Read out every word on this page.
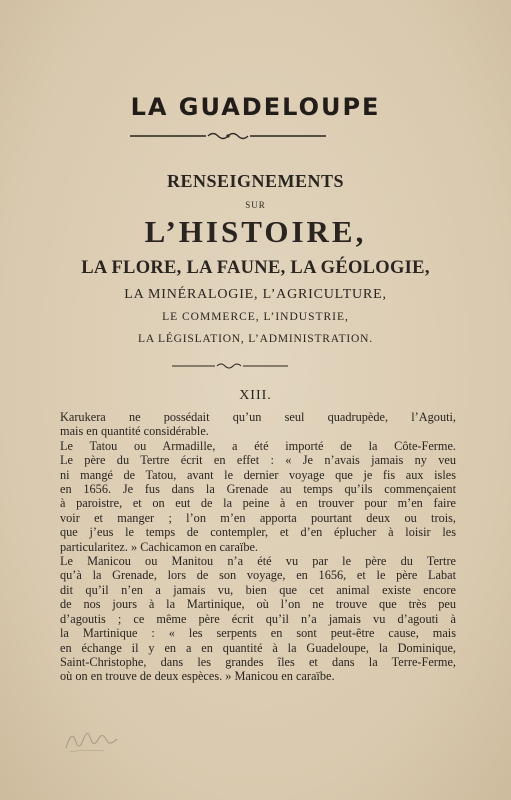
LA GUADELOUPE
RENSEIGNEMENTS
SUR
L’HISTOIRE,
LA FLORE, LA FAUNE, LA GÉOLOGIE,
LA MINÉRALOGIE, L’AGRICULTURE,
LE COMMERCE, L’INDUSTRIE,
LA LÉGISLATION, L’ADMINISTRATION.
XIII.
Karukera ne possédait qu’un seul quadrupède, l’Agouti,
mais en quantité considérable.
Le Tatou ou Armadille, a été importé de la Côte-Ferme.
Le père du Tertre écrit en effet : « Je n’avais jamais ny veu
ni mangé de Tatou, avant le dernier voyage que je fis aux isles
en 1656. Je fus dans la Grenade au temps qu’ils commençaient
à paroistre, et on eut de la peine à en trouver pour m’en faire
voir et manger ; l’on m’en apporta pourtant deux ou trois,
que j’eus le temps de contempler, et d’en éplucher à loisir les
particularitez. » Cachicamon en caraïbe.
Le Manicou ou Manitou n’a été vu par le père du Tertre
qu’à la Grenade, lors de son voyage, en 1656, et le père Labat
dit qu’il n’en a jamais vu, bien que cet animal existe encore
de nos jours à la Martinique, où l’on ne trouve que très peu
d’agoutis ; ce même père écrit qu’il n’a jamais vu d’agouti à
la Martinique : « les serpents en sont peut-être cause, mais
en échange il y en a en quantité à la Guadeloupe, la Dominique,
Saint-Christophe, dans les grandes îles et dans la Terre-Ferme,
où on en trouve de deux espèces. » Manicou en caraïbe.
